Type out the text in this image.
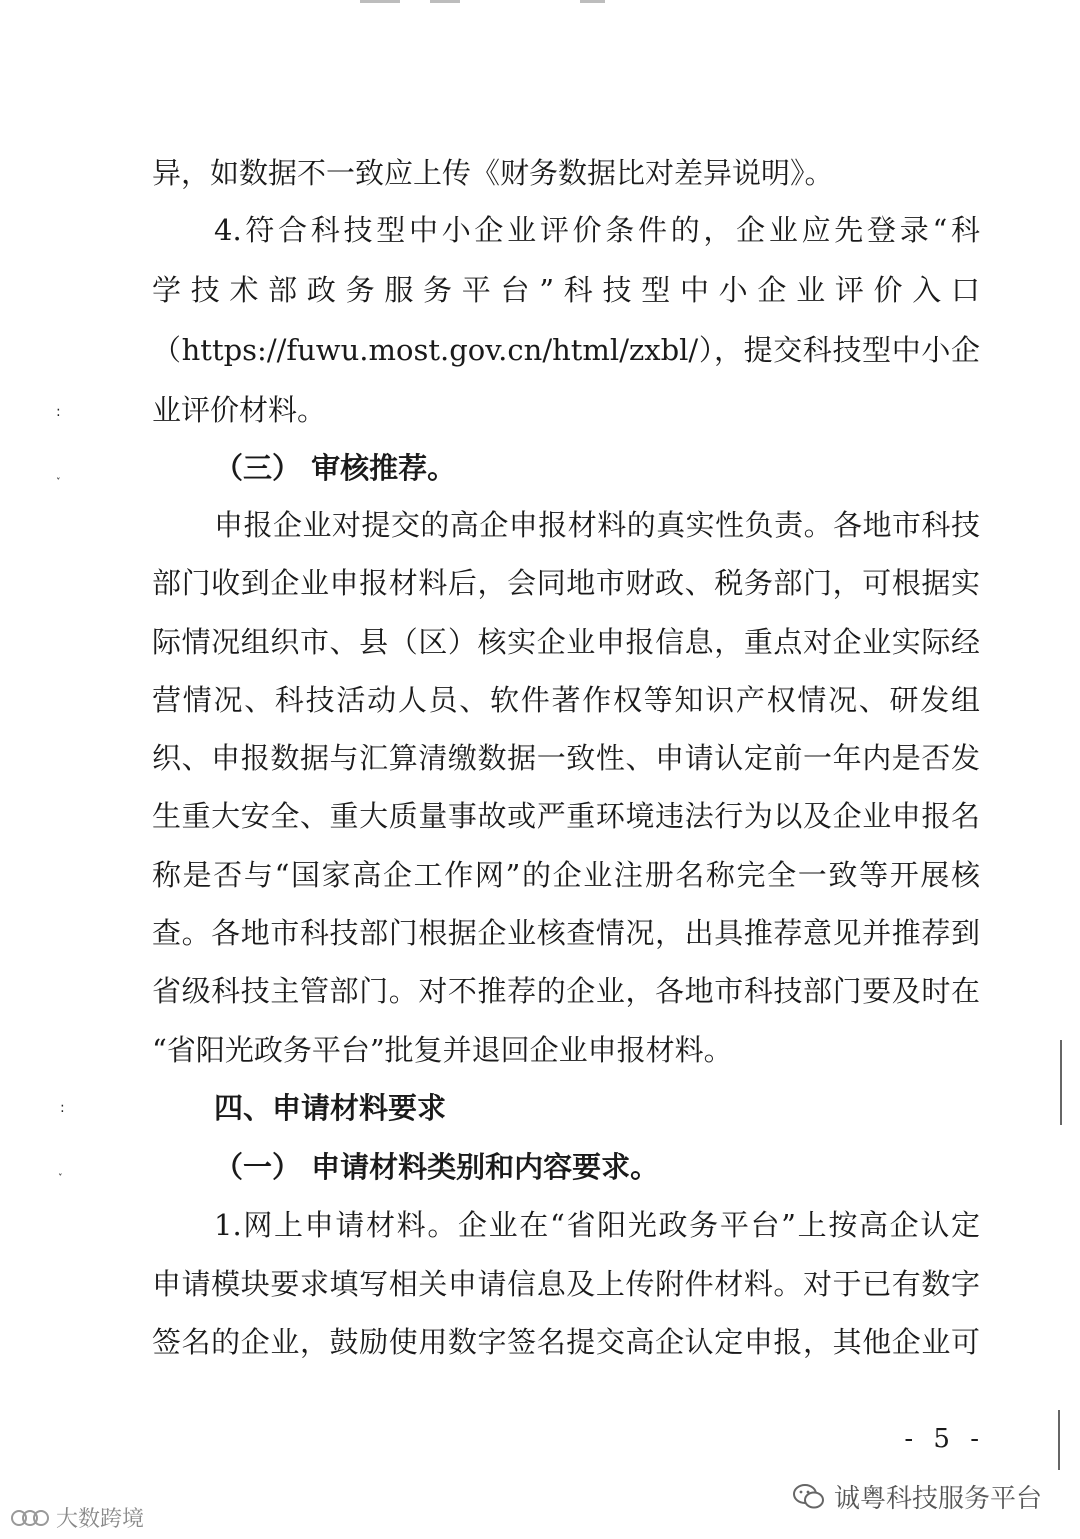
异，如数据不一致应上传《财务数据比对差异说明》。
4.符合科技型中小企业评价条件的，企业应先登录“科
学技术部政务服务平台”科技型中小企业评价入口
（https://fuwu.most.gov.cn/html/zxbl/），提交科技型中小企
业评价材料。
（三） 审核推荐。
申报企业对提交的高企申报材料的真实性负责。各地市科技
部门收到企业申报材料后，会同地市财政、税务部门，可根据实
际情况组织市、县（区）核实企业申报信息，重点对企业实际经
营情况、科技活动人员、软件著作权等知识产权情况、研发组
织、申报数据与汇算清缴数据一致性、申请认定前一年内是否发
生重大安全、重大质量事故或严重环境违法行为以及企业申报名
称是否与“国家高企工作网”的企业注册名称完全一致等开展核
查。各地市科技部门根据企业核查情况，出具推荐意见并推荐到
省级科技主管部门。对不推荐的企业，各地市科技部门要及时在
“省阳光政务平台”批复并退回企业申报材料。
四、申请材料要求
（一） 申请材料类别和内容要求。
1.网上申请材料。企业在“省阳光政务平台”上按高企认定
申请模块要求填写相关申请信息及上传附件材料。对于已有数字
签名的企业，鼓励使用数字签名提交高企认定申报，其他企业可
:
˯
:
˯
- 5 -
诚粤科技服务平台
大数跨境
